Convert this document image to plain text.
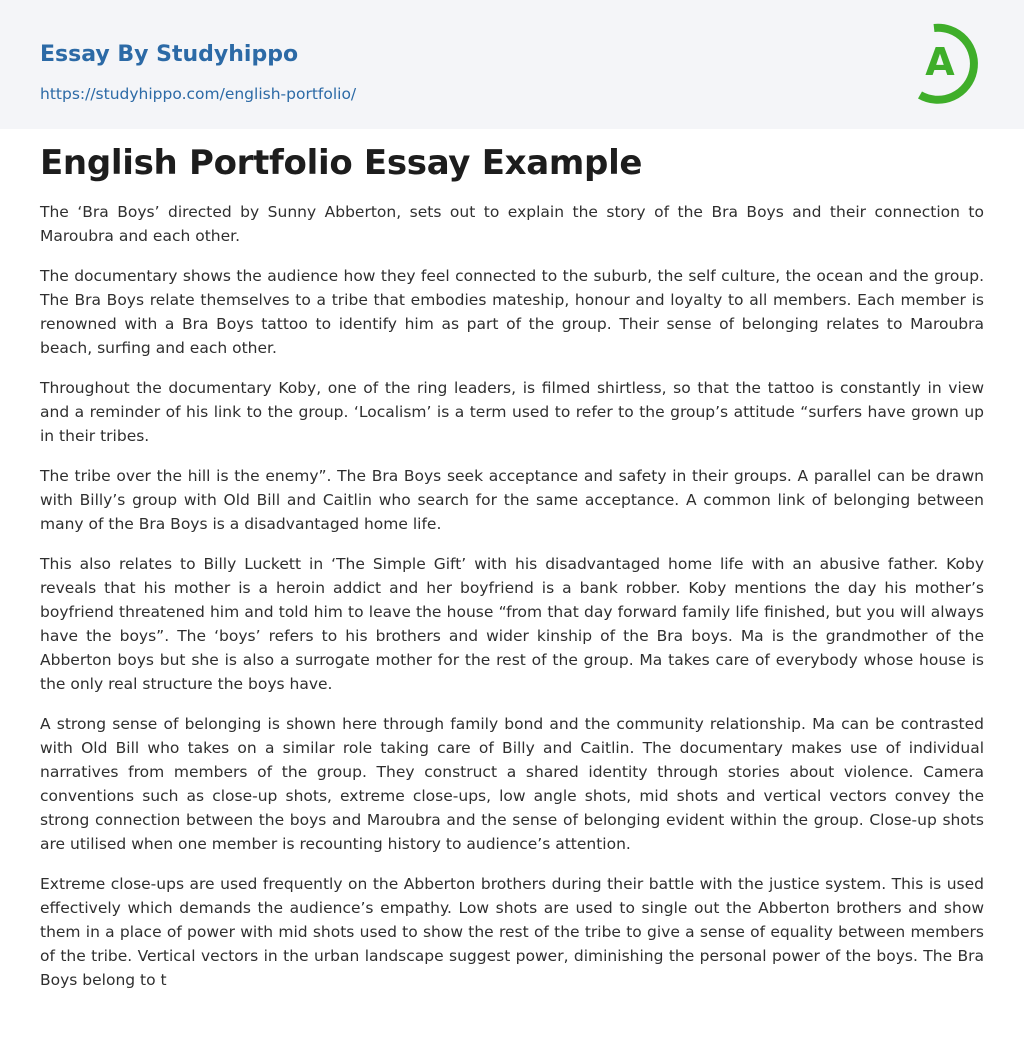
Essay By Studyhippo
https://studyhippo.com/english-portfolio/
A
English Portfolio Essay Example

The ‘Bra Boys’ directed by Sunny Abberton, sets out to explain the story of the Bra Boys and their connection to Maroubra and each other.

The documentary shows the audience how they feel connected to the suburb, the self culture, the ocean and the group. The Bra Boys relate themselves to a tribe that embodies mateship, honour and loyalty to all members. Each member is renowned with a Bra Boys tattoo to identify him as part of the group. Their sense of belonging relates to Maroubra beach, surfing and each other.

Throughout the documentary Koby, one of the ring leaders, is filmed shirtless, so that the tattoo is constantly in view and a reminder of his link to the group. ‘Localism’ is a term used to refer to the group’s attitude “surfers have grown up in their tribes.

The tribe over the hill is the enemy”. The Bra Boys seek acceptance and safety in their groups. A parallel can be drawn with Billy’s group with Old Bill and Caitlin who search for the same acceptance. A common link of belonging between many of the Bra Boys is a disadvantaged home life.

This also relates to Billy Luckett in ‘The Simple Gift’ with his disadvantaged home life with an abusive father. Koby reveals that his mother is a heroin addict and her boyfriend is a bank robber. Koby mentions the day his mother’s boyfriend threatened him and told him to leave the house “from that day forward family life finished, but you will always have the boys”. The ‘boys’ refers to his brothers and wider kinship of the Bra boys. Ma is the grandmother of the Abberton boys but she is also a surrogate mother for the rest of the group. Ma takes care of everybody whose house is the only real structure the boys have.

A strong sense of belonging is shown here through family bond and the community relationship. Ma can be contrasted with Old Bill who takes on a similar role taking care of Billy and Caitlin. The documentary makes use of individual narratives from members of the group. They construct a shared identity through stories about violence. Camera conventions such as close-up shots, extreme close-ups, low angle shots, mid shots and vertical vectors convey the strong connection between the boys and Maroubra and the sense of belonging evident within the group. Close-up shots are utilised when one member is recounting history to audience’s attention.

Extreme close-ups are used frequently on the Abberton brothers during their battle with the justice system. This is used effectively which demands the audience’s empathy. Low shots are used to single out the Abberton brothers and show them in a place of power with mid shots used to show the rest of the tribe to give a sense of equality between members of the tribe. Vertical vectors in the urban landscape suggest power, diminishing the personal power of the boys. The Bra Boys belong to t
